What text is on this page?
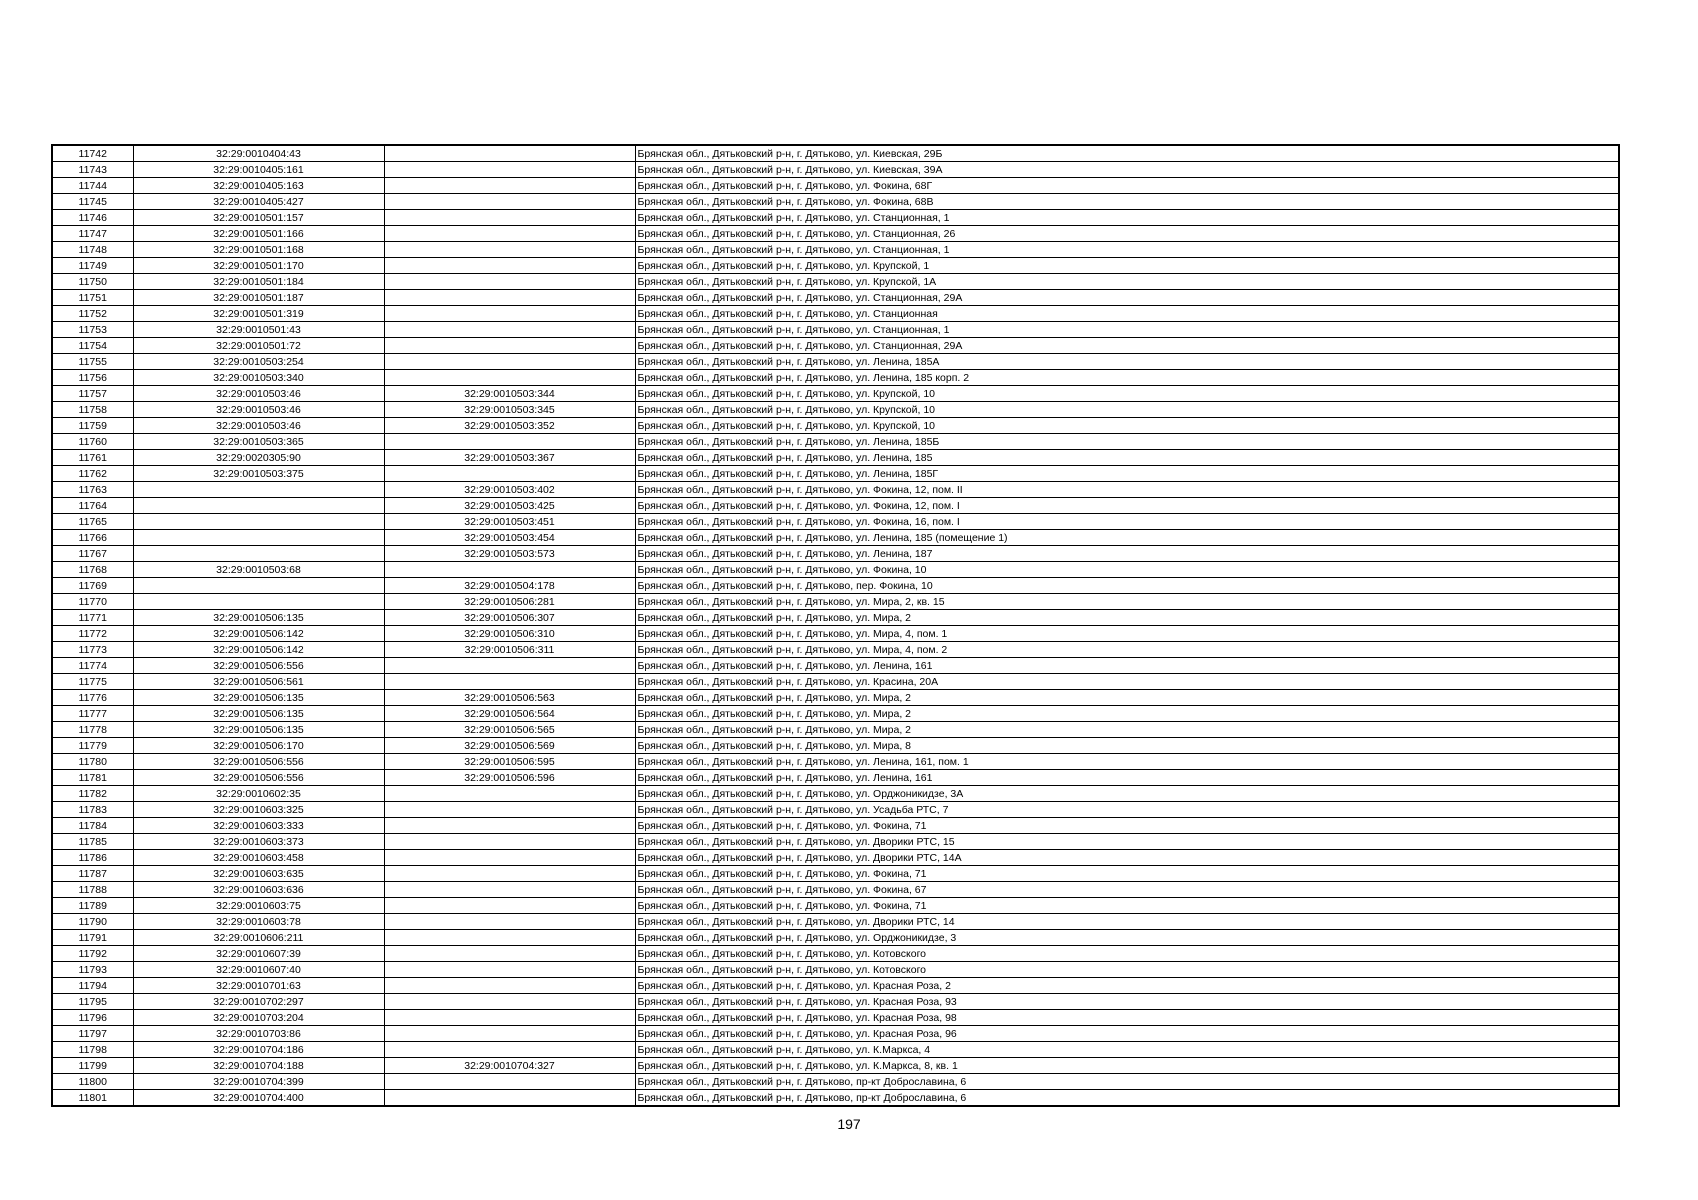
11742	32:29:0010404:43		Брянская обл., Дятьковский р-н, г. Дятьково, ул. Киевская, 29Б
11743	32:29:0010405:161		Брянская обл., Дятьковский р-н, г. Дятьково, ул. Киевская, 39А
11744	32:29:0010405:163		Брянская обл., Дятьковский р-н, г. Дятьково, ул. Фокина, 68Г
11745	32:29:0010405:427		Брянская обл., Дятьковский р-н, г. Дятьково, ул. Фокина, 68В
11746	32:29:0010501:157		Брянская обл., Дятьковский р-н, г. Дятьково, ул. Станционная, 1
11747	32:29:0010501:166		Брянская обл., Дятьковский р-н, г. Дятьково, ул. Станционная, 26
11748	32:29:0010501:168		Брянская обл., Дятьковский р-н, г. Дятьково, ул. Станционная, 1
11749	32:29:0010501:170		Брянская обл., Дятьковский р-н, г. Дятьково, ул. Крупской, 1
11750	32:29:0010501:184		Брянская обл., Дятьковский р-н, г. Дятьково, ул. Крупской, 1А
11751	32:29:0010501:187		Брянская обл., Дятьковский р-н, г. Дятьково, ул. Станционная, 29А
11752	32:29:0010501:319		Брянская обл., Дятьковский р-н, г. Дятьково, ул. Станционная
11753	32:29:0010501:43		Брянская обл., Дятьковский р-н, г. Дятьково, ул. Станционная, 1
11754	32:29:0010501:72		Брянская обл., Дятьковский р-н, г. Дятьково, ул. Станционная, 29А
11755	32:29:0010503:254		Брянская обл., Дятьковский р-н, г. Дятьково, ул. Ленина, 185А
11756	32:29:0010503:340		Брянская обл., Дятьковский р-н, г. Дятьково, ул. Ленина, 185 корп. 2
11757	32:29:0010503:46	32:29:0010503:344	Брянская обл., Дятьковский р-н, г. Дятьково, ул. Крупской, 10
11758	32:29:0010503:46	32:29:0010503:345	Брянская обл., Дятьковский р-н, г. Дятьково, ул. Крупской, 10
11759	32:29:0010503:46	32:29:0010503:352	Брянская обл., Дятьковский р-н, г. Дятьково, ул. Крупской, 10
11760	32:29:0010503:365		Брянская обл., Дятьковский р-н, г. Дятьково, ул. Ленина, 185Б
11761	32:29:0020305:90	32:29:0010503:367	Брянская обл., Дятьковский р-н, г. Дятьково, ул. Ленина, 185
11762	32:29:0010503:375		Брянская обл., Дятьковский р-н, г. Дятьково, ул. Ленина, 185Г
11763		32:29:0010503:402	Брянская обл., Дятьковский р-н, г. Дятьково, ул. Фокина, 12, пом. II
11764		32:29:0010503:425	Брянская обл., Дятьковский р-н, г. Дятьково, ул. Фокина, 12, пом. I
11765		32:29:0010503:451	Брянская обл., Дятьковский р-н, г. Дятьково, ул. Фокина, 16, пом. I
11766		32:29:0010503:454	Брянская обл., Дятьковский р-н, г. Дятьково, ул. Ленина, 185 (помещение 1)
11767		32:29:0010503:573	Брянская обл., Дятьковский р-н, г. Дятьково, ул. Ленина, 187
11768	32:29:0010503:68		Брянская обл., Дятьковский р-н, г. Дятьково, ул. Фокина, 10
11769		32:29:0010504:178	Брянская обл., Дятьковский р-н, г. Дятьково, пер. Фокина, 10
11770		32:29:0010506:281	Брянская обл., Дятьковский р-н, г. Дятьково, ул. Мира, 2, кв. 15
11771	32:29:0010506:135	32:29:0010506:307	Брянская обл., Дятьковский р-н, г. Дятьково, ул. Мира, 2
11772	32:29:0010506:142	32:29:0010506:310	Брянская обл., Дятьковский р-н, г. Дятьково, ул. Мира, 4, пом. 1
11773	32:29:0010506:142	32:29:0010506:311	Брянская обл., Дятьковский р-н, г. Дятьково, ул. Мира, 4, пом. 2
11774	32:29:0010506:556		Брянская обл., Дятьковский р-н, г. Дятьково, ул. Ленина, 161
11775	32:29:0010506:561		Брянская обл., Дятьковский р-н, г. Дятьково, ул. Красина, 20А
11776	32:29:0010506:135	32:29:0010506:563	Брянская обл., Дятьковский р-н, г. Дятьково, ул. Мира, 2
11777	32:29:0010506:135	32:29:0010506:564	Брянская обл., Дятьковский р-н, г. Дятьково, ул. Мира, 2
11778	32:29:0010506:135	32:29:0010506:565	Брянская обл., Дятьковский р-н, г. Дятьково, ул. Мира, 2
11779	32:29:0010506:170	32:29:0010506:569	Брянская обл., Дятьковский р-н, г. Дятьково, ул. Мира, 8
11780	32:29:0010506:556	32:29:0010506:595	Брянская обл., Дятьковский р-н, г. Дятьково, ул. Ленина, 161, пом. 1
11781	32:29:0010506:556	32:29:0010506:596	Брянская обл., Дятьковский р-н, г. Дятьково, ул. Ленина, 161
11782	32:29:0010602:35		Брянская обл., Дятьковский р-н, г. Дятьково, ул. Орджоникидзе, 3А
11783	32:29:0010603:325		Брянская обл., Дятьковский р-н, г. Дятьково, ул. Усадьба РТС, 7
11784	32:29:0010603:333		Брянская обл., Дятьковский р-н, г. Дятьково, ул. Фокина, 71
11785	32:29:0010603:373		Брянская обл., Дятьковский р-н, г. Дятьково, ул. Дворики РТС, 15
11786	32:29:0010603:458		Брянская обл., Дятьковский р-н, г. Дятьково, ул. Дворики РТС, 14А
11787	32:29:0010603:635		Брянская обл., Дятьковский р-н, г. Дятьково, ул. Фокина, 71
11788	32:29:0010603:636		Брянская обл., Дятьковский р-н, г. Дятьково, ул. Фокина, 67
11789	32:29:0010603:75		Брянская обл., Дятьковский р-н, г. Дятьково, ул. Фокина, 71
11790	32:29:0010603:78		Брянская обл., Дятьковский р-н, г. Дятьково, ул. Дворики РТС, 14
11791	32:29:0010606:211		Брянская обл., Дятьковский р-н, г. Дятьково, ул. Орджоникидзе, 3
11792	32:29:0010607:39		Брянская обл., Дятьковский р-н, г. Дятьково, ул. Котовского
11793	32:29:0010607:40		Брянская обл., Дятьковский р-н, г. Дятьково, ул. Котовского
11794	32:29:0010701:63		Брянская обл., Дятьковский р-н, г. Дятьково, ул. Красная Роза, 2
11795	32:29:0010702:297		Брянская обл., Дятьковский р-н, г. Дятьково, ул. Красная Роза, 93
11796	32:29:0010703:204		Брянская обл., Дятьковский р-н, г. Дятьково, ул. Красная Роза, 98
11797	32:29:0010703:86		Брянская обл., Дятьковский р-н, г. Дятьково, ул. Красная Роза, 96
11798	32:29:0010704:186		Брянская обл., Дятьковский р-н, г. Дятьково, ул. К.Маркса, 4
11799	32:29:0010704:188	32:29:0010704:327	Брянская обл., Дятьковский р-н, г. Дятьково, ул. К.Маркса, 8, кв. 1
11800	32:29:0010704:399		Брянская обл., Дятьковский р-н, г. Дятьково, пр-кт Доброславина, 6
11801	32:29:0010704:400		Брянская обл., Дятьковский р-н, г. Дятьково, пр-кт Доброславина, 6
197
